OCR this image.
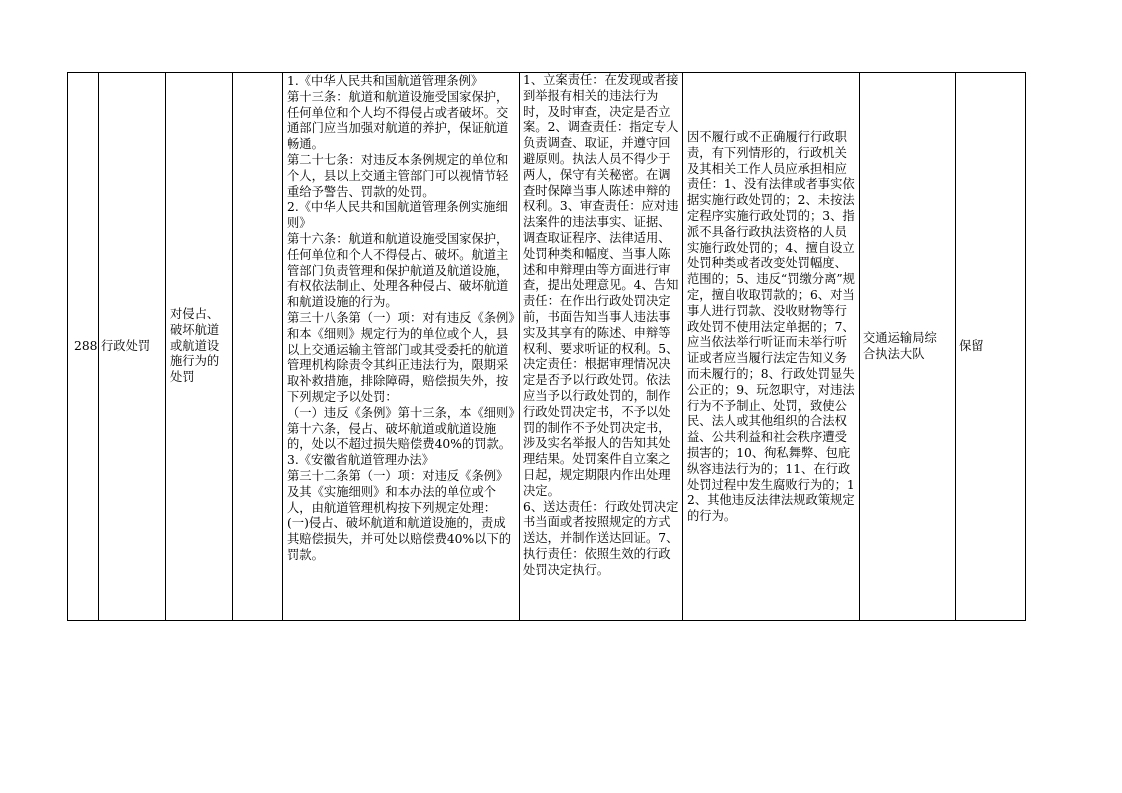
288 行政处罚
对侵占、
破坏航道
或航道设
施行为的
处罚
1.《中华人民共和国航道管理条例》
第十三条：航道和航道设施受国家保护，任何单位和个人均不得侵占或者破坏。交通部门应当加强对航道的养护，保证航道畅通。
第二十七条：对违反本条例规定的单位和个人，县以上交通主管部门可以视情节轻重给予警告、罚款的处罚。
2.《中华人民共和国航道管理条例实施细则》
第十六条：航道和航道设施受国家保护，任何单位和个人不得侵占、破坏。航道主管部门负责管理和保护航道及航道设施，有权依法制止、处理各种侵占、破坏航道和航道设施的行为。
第三十八条第（一）项：对有违反《条例》和本《细则》规定行为的单位或个人，县以上交通运输主管部门或其受委托的航道管理机构除责令其纠正违法行为，限期采取补救措施，排除障碍，赔偿损失外，按下列规定予以处罚：
（一）违反《条例》第十三条，本《细则》第十六条，侵占、破坏航道或航道设施的，处以不超过损失赔偿费40%的罚款。
3.《安徽省航道管理办法》
第三十二条第（一）项：对违反《条例》及其《实施细则》和本办法的单位或个人，由航道管理机构按下列规定处理：(一)侵占、破坏航道和航道设施的，责成其赔偿损失，并可处以赔偿费40%以下的罚款。
1、立案责任：在发现或者接到举报有相关的违法行为时，及时审查，决定是否立案。2、调查责任：指定专人负责调查、取证，并遵守回避原则。执法人员不得少于两人，保守有关秘密。在调查时保障当事人陈述申辩的权利。3、审查责任：应对违法案件的违法事实、证据、调查取证程序、法律适用、处罚种类和幅度、当事人陈述和申辩理由等方面进行审查，提出处理意见。4、告知责任：在作出行政处罚决定前，书面告知当事人违法事实及其享有的陈述、申辩等权利、要求听证的权利。5、决定责任：根据审理情况决定是否予以行政处罚。依法应当予以行政处罚的，制作行政处罚决定书，不予以处罚的制作不予处罚决定书，涉及实名举报人的告知其处理结果。处罚案件自立案之日起，规定期限内作出处理决定。
6、送达责任：行政处罚决定书当面或者按照规定的方式送达，并制作送达回证。7、执行责任：依照生效的行政处罚决定执行。
因不履行或不正确履行行政职责，有下列情形的，行政机关及其相关工作人员应承担相应责任：1、没有法律或者事实依据实施行政处罚的；2、未按法定程序实施行政处罚的；3、指派不具备行政执法资格的人员实施行政处罚的；4、擅自设立处罚种类或者改变处罚幅度、范围的；5、违反“罚缴分离”规定，擅自收取罚款的；6、对当事人进行罚款、没收财物等行政处罚不使用法定单据的；7、应当依法举行听证而未举行听证或者应当履行法定告知义务而未履行的；8、行政处罚显失公正的；9、玩忽职守，对违法行为不予制止、处罚，致使公民、法人或其他组织的合法权益、公共利益和社会秩序遭受损害的；10、徇私舞弊、包庇纵容违法行为的；11、在行政处罚过程中发生腐败行为的；12、其他违反法律法规政策规定的行为。
交通运输局综
合执法大队
保留
